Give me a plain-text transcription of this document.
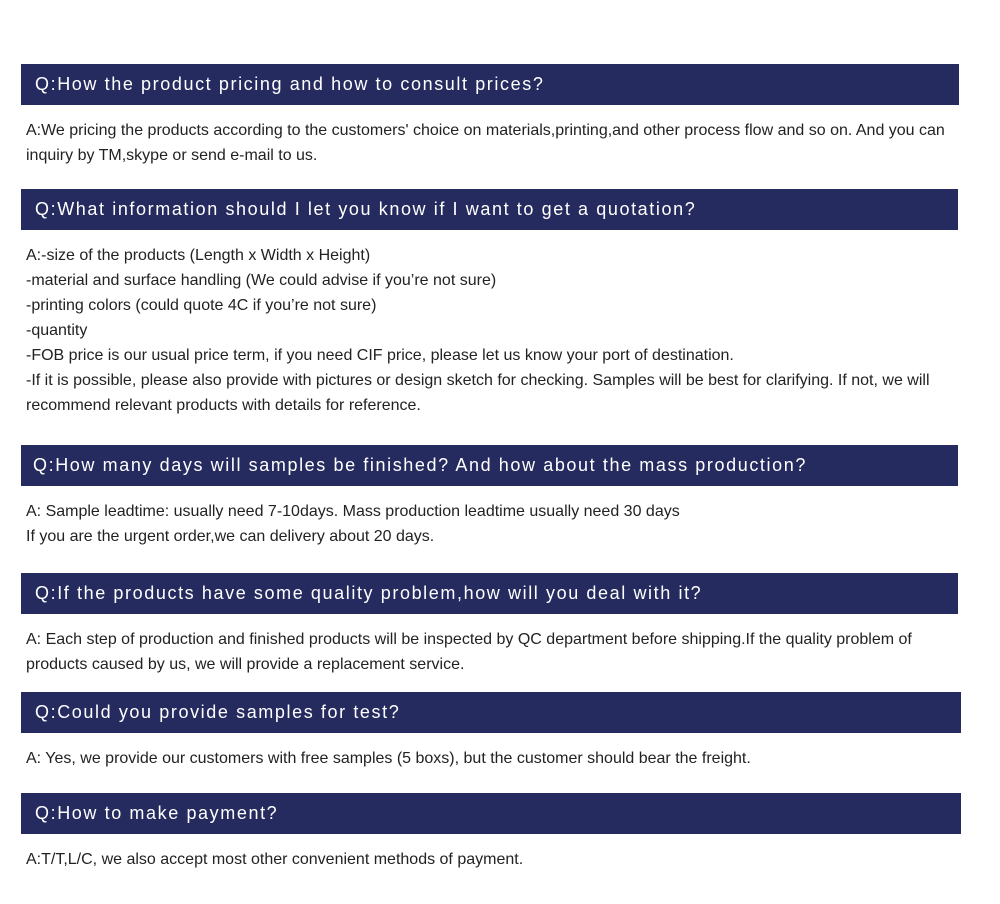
Q:How the product pricing and how to consult prices?
A:We pricing the products according to the customers' choice on materials,printing,and other process flow and so on. And you can inquiry by TM,skype or send e-mail to us.
Q:What information should I let you know if I want to get a quotation?
A:-size of the products (Length x Width x Height)
-material and surface handling (We could advise if you’re not sure)
-printing colors (could quote 4C if you’re not sure)
-quantity
-FOB price is our usual price term, if you need CIF price, please let us know your port of destination.
-If it is possible, please also provide with pictures or design sketch for checking. Samples will be best for clarifying. If not, we will recommend relevant products with details for reference.
Q:How many days will samples be finished? And how about the mass production?
A: Sample leadtime: usually need 7-10days. Mass production leadtime usually need 30 days
If you are the urgent order,we can delivery about 20 days.
Q:If the products have some quality problem,how will you deal with it?
A: Each step of production and finished products will be inspected by QC department before shipping.If the quality problem of products caused by us, we will provide a replacement service.
Q:Could you provide samples for test?
A: Yes, we provide our customers with free samples (5 boxs), but the customer should bear the freight.
Q:How to make payment?
A:T/T,L/C, we also accept most other convenient methods of payment.
